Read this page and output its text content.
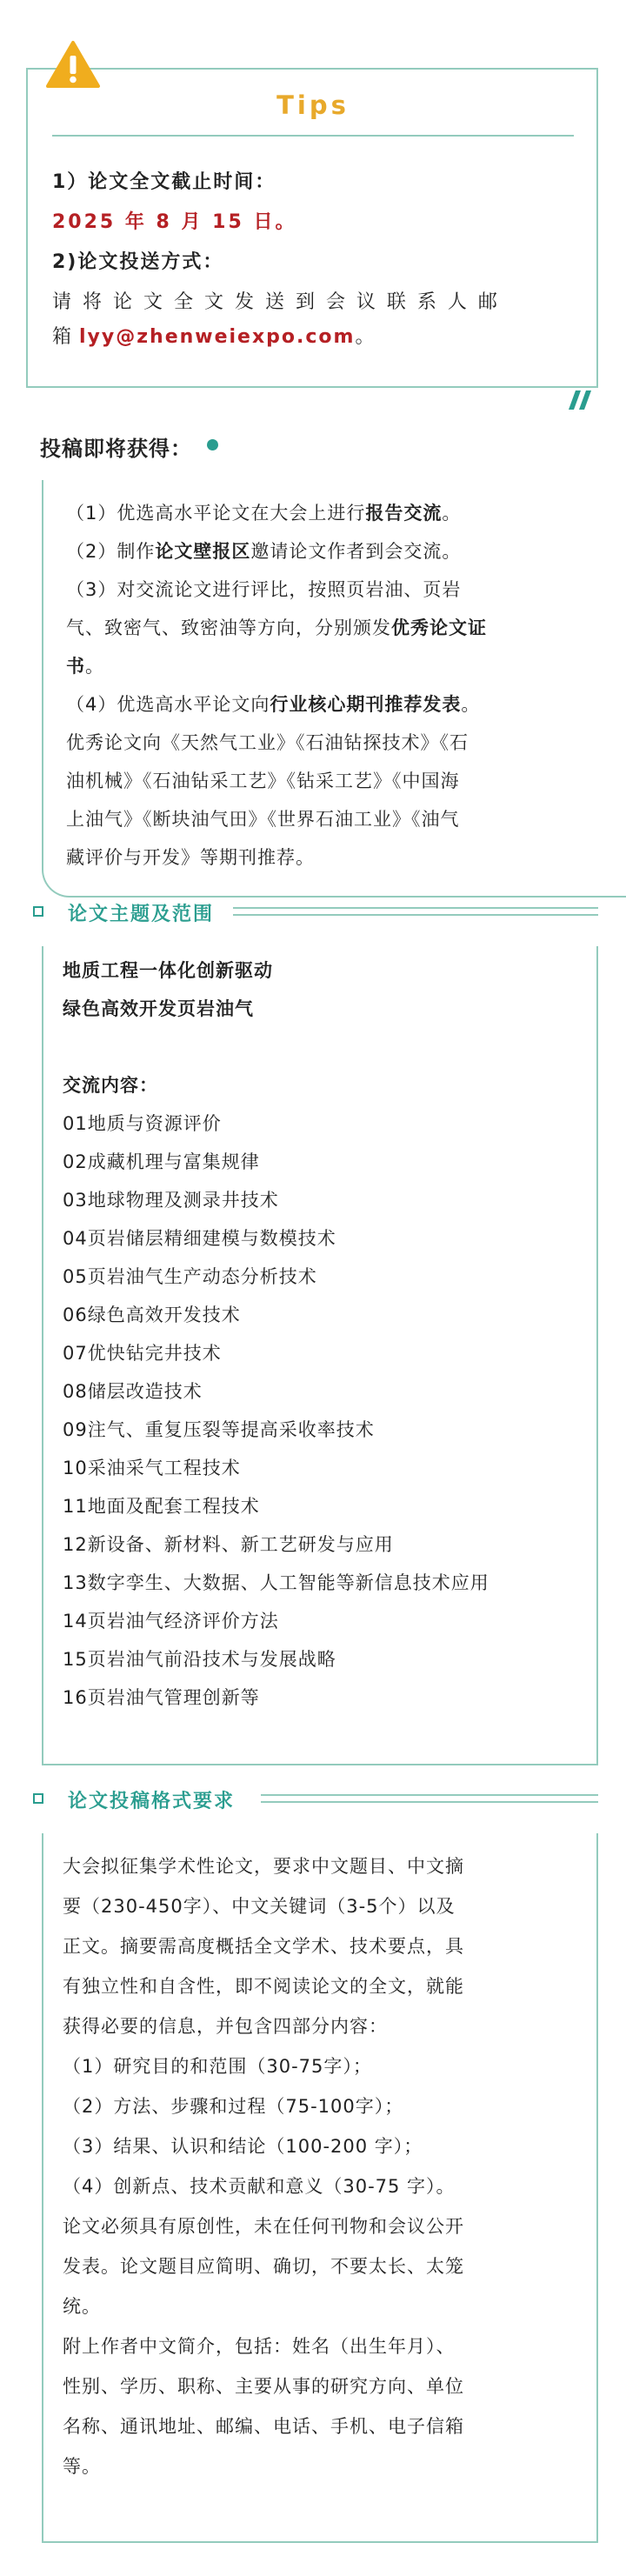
Tips
1）论文全文截止时间：
2025 年 8 月 15 日。
2)论文投送方式：
请 将 论 文 全 文 发 送 到 会 议 联 系 人 邮
箱 lyy@zhenweiexpo.com。
投稿即将获得：
（1）优选高水平论文在大会上进行报告交流。
（2）制作论文壁报区邀请论文作者到会交流。
（3）对交流论文进行评比，按照页岩油、页岩
气、致密气、致密油等方向，分别颁发优秀论文证
书。
（4）优选高水平论文向行业核心期刊推荐发表。
优秀论文向《天然气工业》《石油钻探技术》《石
油机械》《石油钻采工艺》《钻采工艺》《中国海
上油气》《断块油气田》《世界石油工业》《油气
藏评价与开发》等期刊推荐。
论文主题及范围
地质工程一体化创新驱动
绿色高效开发页岩油气
交流内容：
01地质与资源评价
02成藏机理与富集规律
03地球物理及测录井技术
04页岩储层精细建模与数模技术
05页岩油气生产动态分析技术
06绿色高效开发技术
07优快钻完井技术
08储层改造技术
09注气、重复压裂等提高采收率技术
10采油采气工程技术
11地面及配套工程技术
12新设备、新材料、新工艺研发与应用
13数字孪生、大数据、人工智能等新信息技术应用
14页岩油气经济评价方法
15页岩油气前沿技术与发展战略
16页岩油气管理创新等
论文投稿格式要求
大会拟征集学术性论文，要求中文题目、中文摘
要（230-450字）、中文关键词（3-5个）以及
正文。摘要需高度概括全文学术、技术要点，具
有独立性和自含性，即不阅读论文的全文，就能
获得必要的信息，并包含四部分内容：
（1）研究目的和范围（30-75字）；
（2）方法、步骤和过程（75-100字）；
（3）结果、认识和结论（100-200 字）；
（4）创新点、技术贡献和意义（30-75 字）。
论文必须具有原创性，未在任何刊物和会议公开
发表。论文题目应简明、确切，不要太长、太笼
统。
附上作者中文简介，包括：姓名（出生年月）、
性别、学历、职称、主要从事的研究方向、单位
名称、通讯地址、邮编、电话、手机、电子信箱
等。
